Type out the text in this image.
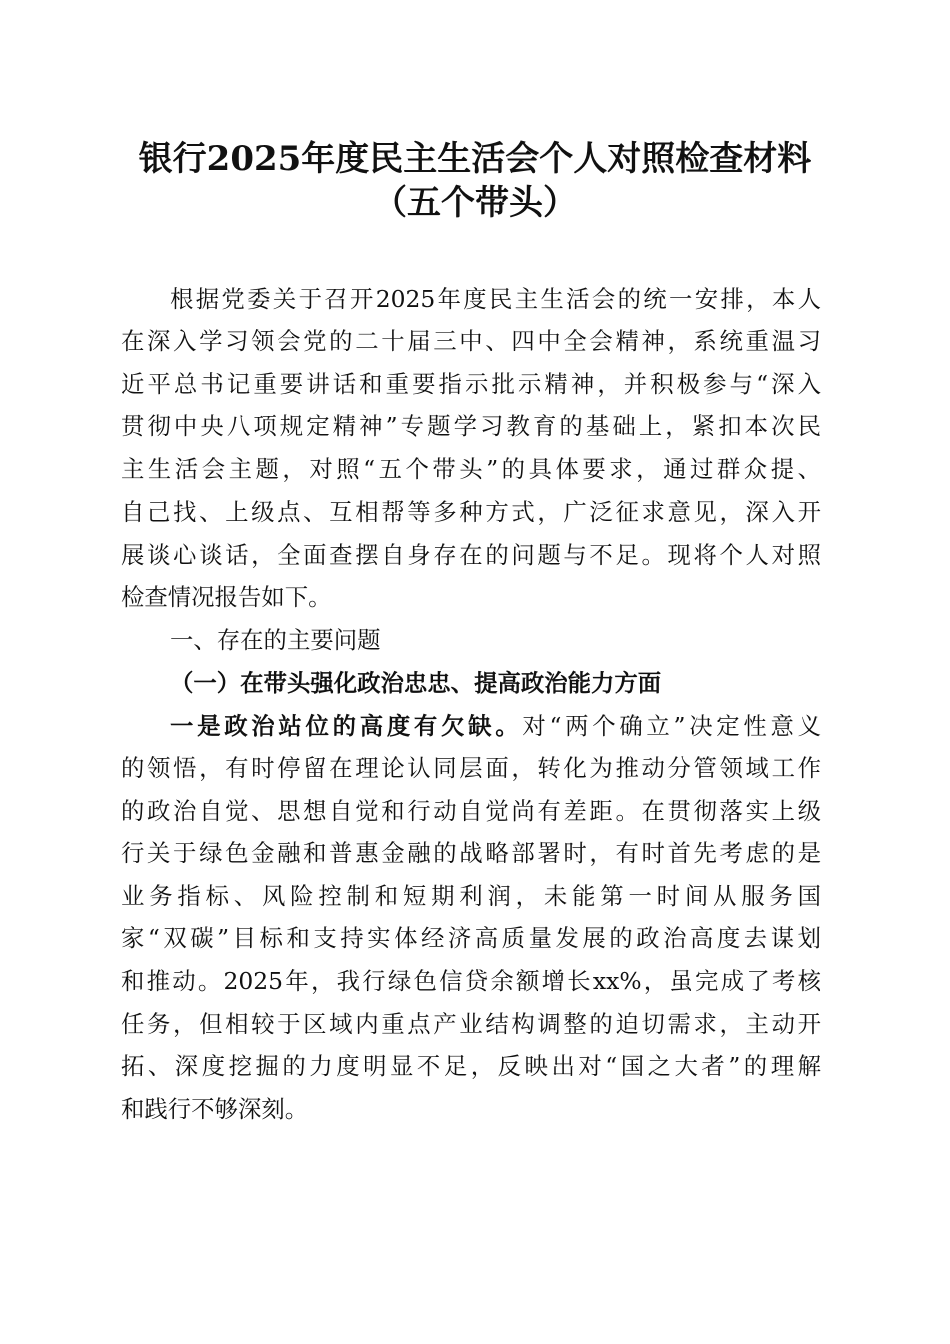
银行2025年度民主生活会个人对照检查材料
（五个带头）

根据党委关于召开2025年度民主生活会的统一安排，本人

在深入学习领会党的二十届三中、四中全会精神，系统重温习

近平总书记重要讲话和重要指示批示精神，并积极参与“深入

贯彻中央八项规定精神”专题学习教育的基础上，紧扣本次民

主生活会主题，对照“五个带头”的具体要求，通过群众提、

自己找、上级点、互相帮等多种方式，广泛征求意见，深入开

展谈心谈话，全面查摆自身存在的问题与不足。现将个人对照

检查情况报告如下。

一、存在的主要问题
（一）在带头强化政治忠忠、提高政治能力方面

一是政治站位的高度有欠缺。对“两个确立”决定性意义

的领悟，有时停留在理论认同层面，转化为推动分管领域工作

的政治自觉、思想自觉和行动自觉尚有差距。在贯彻落实上级

行关于绿色金融和普惠金融的战略部署时，有时首先考虑的是

业务指标、风险控制和短期利润，未能第一时间从服务国

家“双碳”目标和支持实体经济高质量发展的政治高度去谋划

和推动。2025年，我行绿色信贷余额增长xx%，虽完成了考核

任务，但相较于区域内重点产业结构调整的迫切需求，主动开

拓、深度挖掘的力度明显不足，反映出对“国之大者”的理解

和践行不够深刻。
